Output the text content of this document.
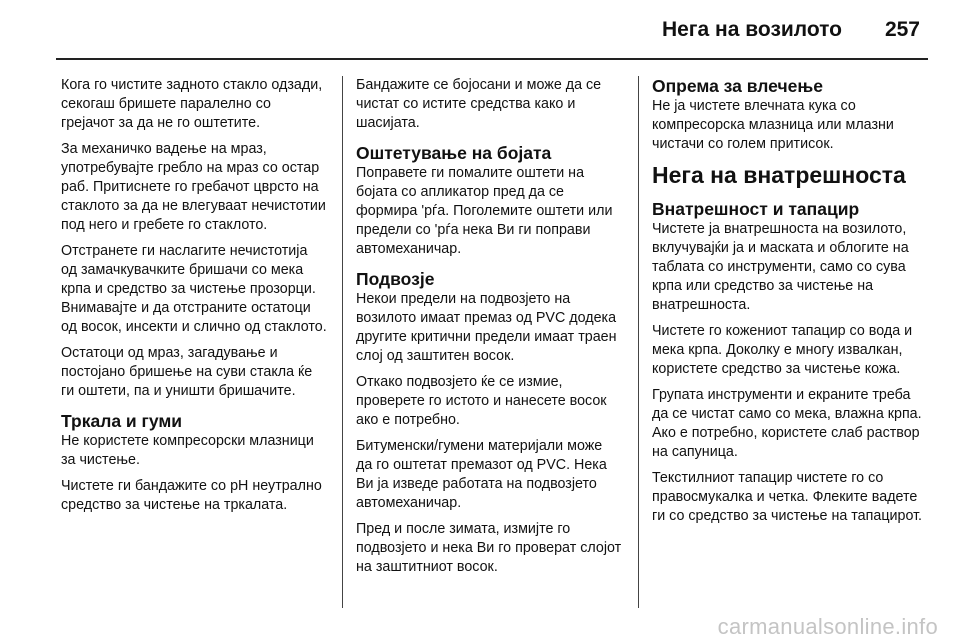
Нега на возилото 257

Кога го чистите задното стакло одзади, секогаш бришете паралелно со грејачот за да не го оштетите.

За механичко вадење на мраз, употребувајте гребло на мраз со остар раб. Притиснете го гребачот цврсто на стаклото за да не влегуваат нечистотии под него и гребете го стаклото.

Отстранете ги наслагите нечистотија од замачкувачките бришачи со мека крпа и средство за чистење прозорци. Внимавајте и да отстраните остатоци од восок, инсекти и слично од стаклото.

Остатоци од мраз, загадување и постојано бришење на суви стакла ќе ги оштети, па и уништи бришачите.

Тркала и гуми

Не користете компресорски млазници за чистење.

Чистете ги бандажите со pH неутрално средство за чистење на тркалата.

Бандажите се бојосани и може да се чистат со истите средства како и шасијата.

Оштетување на бојата

Поправете ги помалите оштети на бојата со апликатор пред да се формира 'рѓа. Поголемите оштети или предели со 'рѓа нека Ви ги поправи автомеханичар.

Подвозје

Некои предели на подвозјето на возилото имаат премаз од PVC додека другите критични предели имаат траен слој од заштитен восок.

Откако подвозјето ќе се измие, проверете го истото и нанесете восок ако е потребно.

Битуменски/гумени материјали може да го оштетат премазот од PVC. Нека Ви ја изведе работата на подвозјето автомеханичар.

Пред и после зимата, измијте го подвозјето и нека Ви го проверат слојот на заштитниот восок.

Опрема за влечење

Не ја чистете влечната кука со компресорска млазница или млазни чистачи со голем притисок.

Нега на внатрешноста
Внатрешност и тапацир

Чистете ја внатрешноста на возилото, вклучувајќи ја и маската и облогите на таблата со инструменти, само со сува крпа или средство за чистење на внатрешноста.

Чистете го кожениот тапацир со вода и мека крпа. Доколку е многу извалкан, користете средство за чистење кожа.

Групата инструменти и екраните треба да се чистат само со мека, влажна крпа. Ако е потребно, користете слаб раствор на сапуница.

Текстилниот тапацир чистете го со правосмукалка и четка. Флеките вадете ги со средство за чистење на тапацирот.

carmanualsonline.info
